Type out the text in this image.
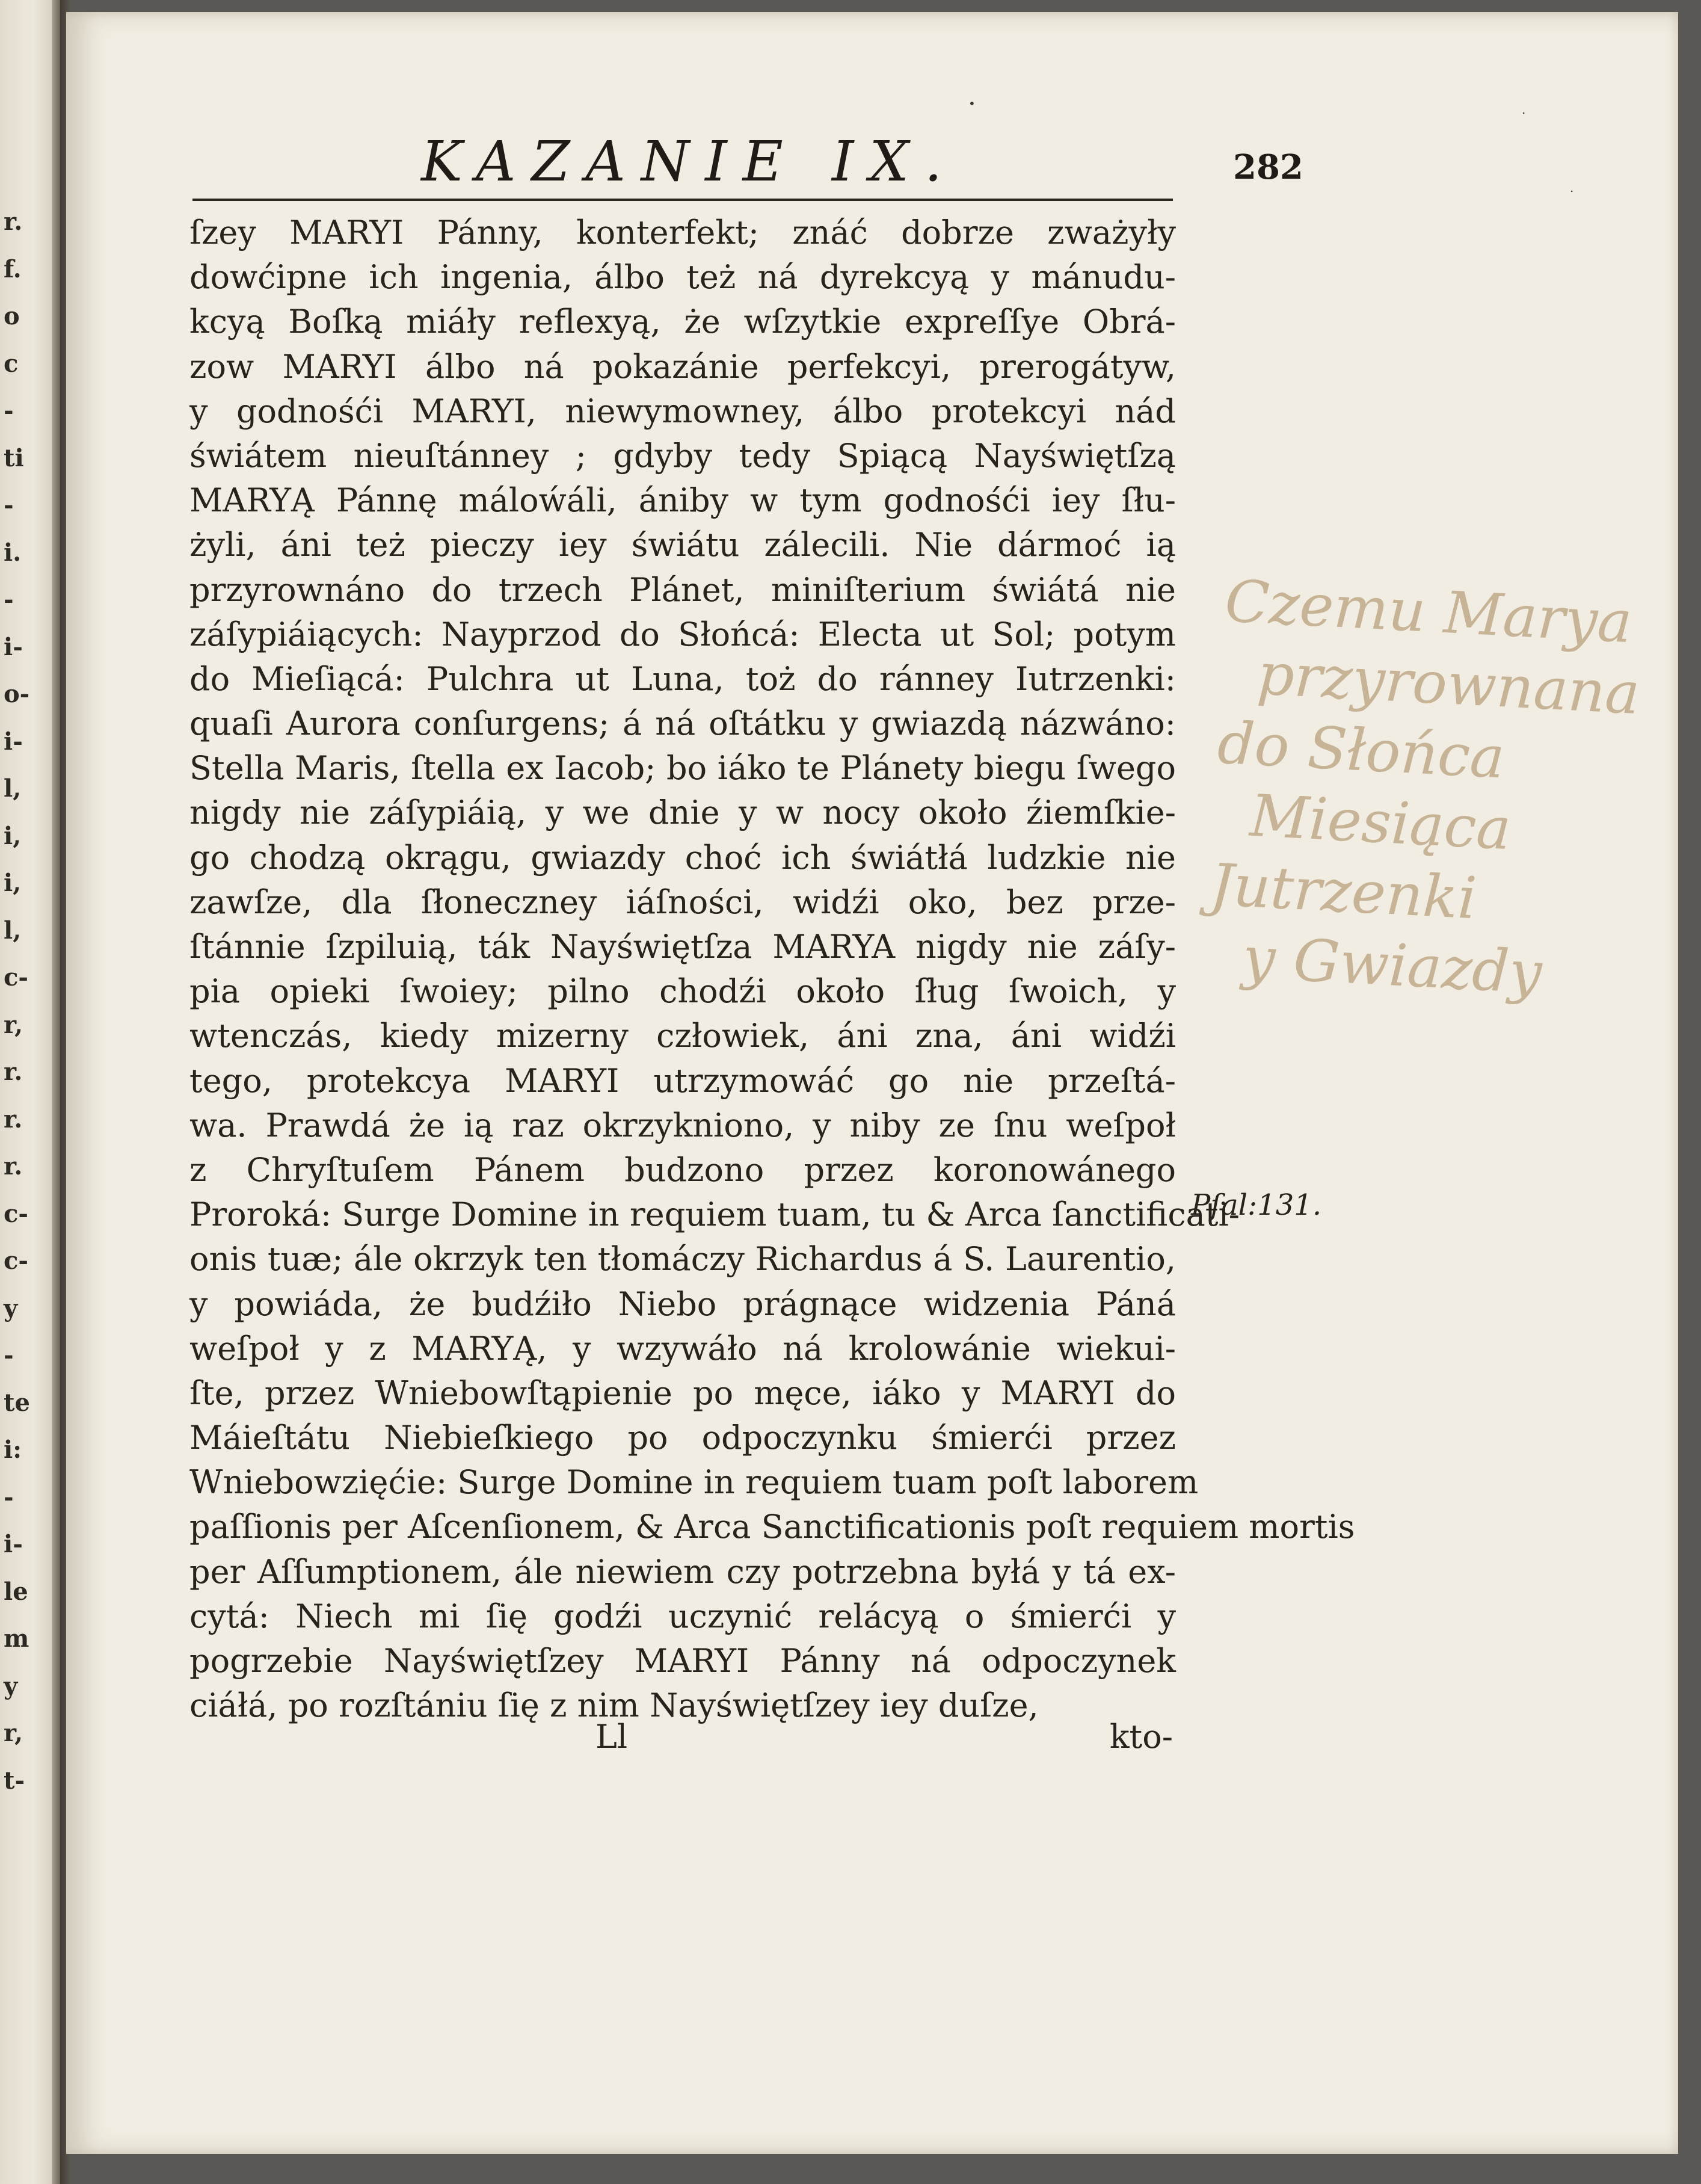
r.
f.
o
c
-
ti
-
i.
-
i-
o-
i-
l,
i,
i,
l,
c-
r,
r.
r.
r.
c-
c-
y
-
te
i:
-
i-
le
m
y
r,
t-
KAZANIE IX.	282
ſzey MARYI Pánny, konterfekt; znáć dobrze zważyły
dowćipne ich ingenia, álbo też ná dyrekcyą y mánudu-
kcyą Boſką miáły reflexyą, że wſzytkie expreſſye Obrá-
zow MARYI álbo ná pokazánie perfekcyi, prerogátyw,
y godnośći MARYI, niewymowney, álbo protekcyi nád
świátem nieuſtánney ; gdyby tedy Spiącą Nayświętſzą
MARYĄ Pánnę máloẃáli, ániby w tym godnośći iey ſłu-
żyli, áni też pieczy iey świátu zálecili. Nie dármoć ią
przyrownáno do trzech Plánet, miniſterium świátá nie
záſypiáiących: Nayprzod do Słońcá: Electa ut Sol; potym
do Mieſiącá: Pulchra ut Luna, toż do ránney Iutrzenki:
quaſi Aurora conſurgens; á ná oſtátku y gwiazdą názwáno:
Stella Maris, ſtella ex Iacob; bo iáko te Plánety biegu ſwego
nigdy nie záſypiáią, y we dnie y w nocy około źiemſkie-
go chodzą okrągu, gwiazdy choć ich świátłá ludzkie nie
zawſze, dla ſłoneczney iáſności, widźi oko, bez prze-
ſtánnie ſzpiluią, ták Nayświętſza MARYA nigdy nie záſy-
pia opieki ſwoiey; pilno chodźi około ſług ſwoich, y
wtenczás, kiedy mizerny człowiek, áni zna, áni widźi
tego, protekcya MARYI utrzymowáć go nie przeſtá-
wa. Prawdá że ią raz okrzykniono, y niby ze ſnu weſpoł
z Chryſtuſem Pánem budzono przez koronowánego
Proroká: Surge Domine in requiem tuam, tu & Arca ſanctificati-
onis tuæ; ále okrzyk ten tłomáczy Richardus á S. Laurentio,
y powiáda, że budźiło Niebo prágnące widzenia Páná
weſpoł y z MARYĄ, y wzywáło ná krolowánie wiekui-
ſte, przez Wniebowſtąpienie po męce, iáko y MARYI do
Máieſtátu Niebieſkiego po odpoczynku śmierći przez
Wniebowzięćie: Surge Domine in requiem tuam poſt laborem
paſſionis per Aſcenſionem, & Arca Sanctificationis poſt requiem mortis
per Aſſumptionem, ále niewiem czy potrzebna byłá y tá ex-
cytá: Niech mi ſię godźi uczynić relácyą o śmierći y
pogrzebie Nayświętſzey MARYI Pánny ná odpoczynek
ciáłá, po rozſtániu ſię z nim Nayświętſzey iey duſze,
Pſal:131.
Czemu Marya
przyrownana
do Słońca
Miesiąca
Jutrzenki
y Gwiazdy
Ll	kto-
•	.
.
